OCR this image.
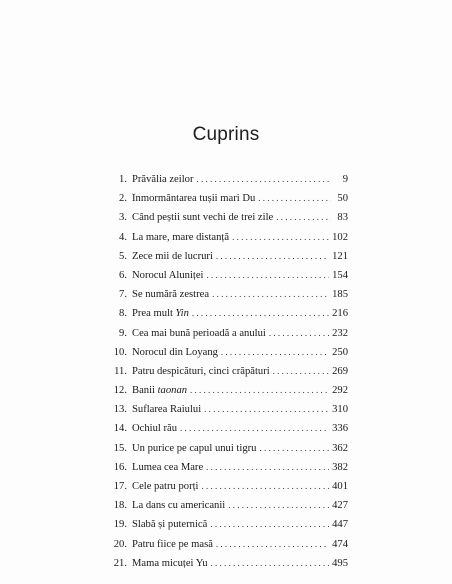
Cuprins
1. Prăvălia zeilor . . .	9
2. Înmormântarea tușii mari Du . . .	50
3. Când peștii sunt vechi de trei zile . . .	83
4. La mare, mare distanță . . .	102
5. Zece mii de lucruri . . .	121
6. Norocul Aluniței . . .	154
7. Se numără zestrea . . .	185
8. Prea mult Yin . . .	216
9. Cea mai bună perioadă a anului . . .	232
10. Norocul din Loyang . . .	250
11. Patru despicături, cinci crăpături . . .	269
12. Banii taonan . . .	292
13. Suflarea Raiului . . .	310
14. Ochiul rău . . .	336
15. Un purice pe capul unui tigru . . .	362
16. Lumea cea Mare . . .	382
17. Cele patru porți . . .	401
18. La dans cu americanii . . .	427
19. Slabă și puternică . . .	447
20. Patru fiice pe masă . . .	474
21. Mama micuței Yu . . .	495
